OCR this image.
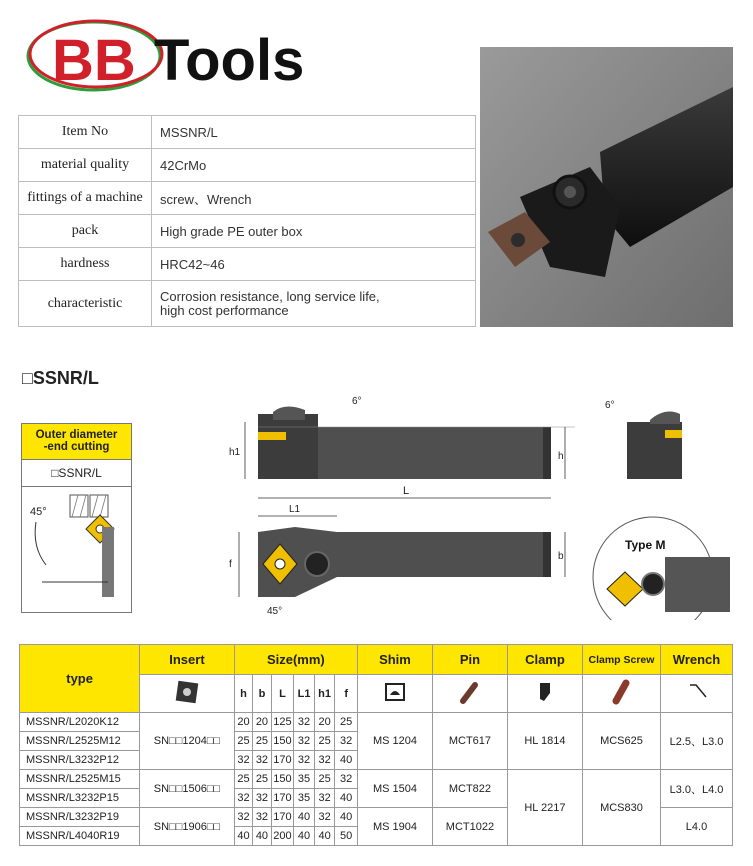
BB Tools
Item No	MSSNR/L
material quality	42CrMo
fittings of a machine	screw、Wrench
pack	High grade PE outer box
hardness	HRC42~46
characteristic	Corrosion resistance, long service life,
high cost performance
□SSNR/L
Outer diameter
-end cutting
□SSNR/L
45°
h1	h
6°	6°
L
L1
f
b
45°
Type M
type	Insert	Size(mm)						Shim	Pin	Clamp	Clamp Screw	Wrench
	h	b	L	L1	h1	f					
MSSNR/L2020K12	SN□□1204□□	20	20	125	32	20	25	MS 1204	MCT617	HL 1814	MCS625	L2.5、L3.0
MSSNR/L2525M12		25	25	150	32	25	32					
MSSNR/L3232P12		32	32	170	32	32	40					
MSSNR/L2525M15	SN□□1506□□	25	25	150	35	25	32	MS 1504	MCT822	HL 2217	MCS830	L3.0、L4.0
MSSNR/L3232P15		32	32	170	35	32	40					
MSSNR/L3232P19	SN□□1906□□	32	32	170	40	32	40	MS 1904	MCT1022			L4.0
MSSNR/L4040R19		40	40	200	40	40	50					
